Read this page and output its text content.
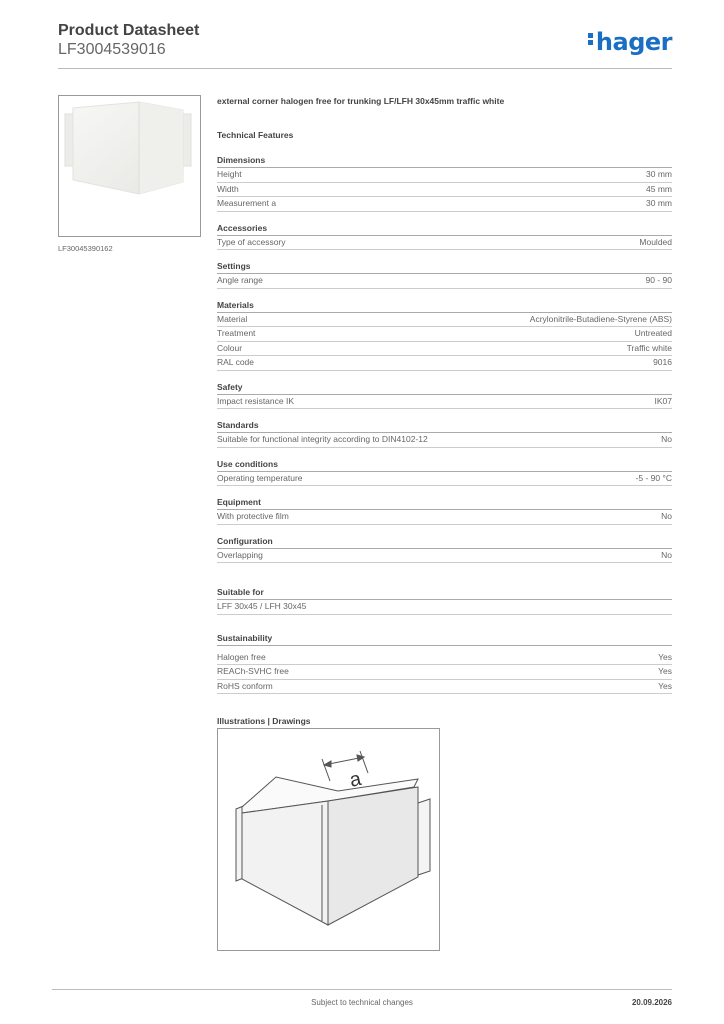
Product Datasheet
LF3004539016	hager
LF30045390162
external corner halogen free for trunking LF/LFH 30x45mm traffic white
Technical Features
Dimensions
Height	30 mm
Width	45 mm
Measurement a	30 mm
Accessories
Type of accessory	Moulded
Settings
Angle range	90 - 90
Materials
Material	Acrylonitrile-Butadiene-Styrene (ABS)
Treatment	Untreated
Colour	Traffic white
RAL code	9016
Safety
Impact resistance IK	IK07
Standards
Suitable for functional integrity according to DIN4102-12	No
Use conditions
Operating temperature	-5 - 90 °C
Equipment
With protective film	No
Configuration
Overlapping	No
Suitable for
LFF 30x45 / LFH 30x45
Sustainability
Halogen free	Yes
REACh-SVHC free	Yes
RoHS conform	Yes
Illustrations | Drawings
a
Subject to technical changes	20.09.2026
